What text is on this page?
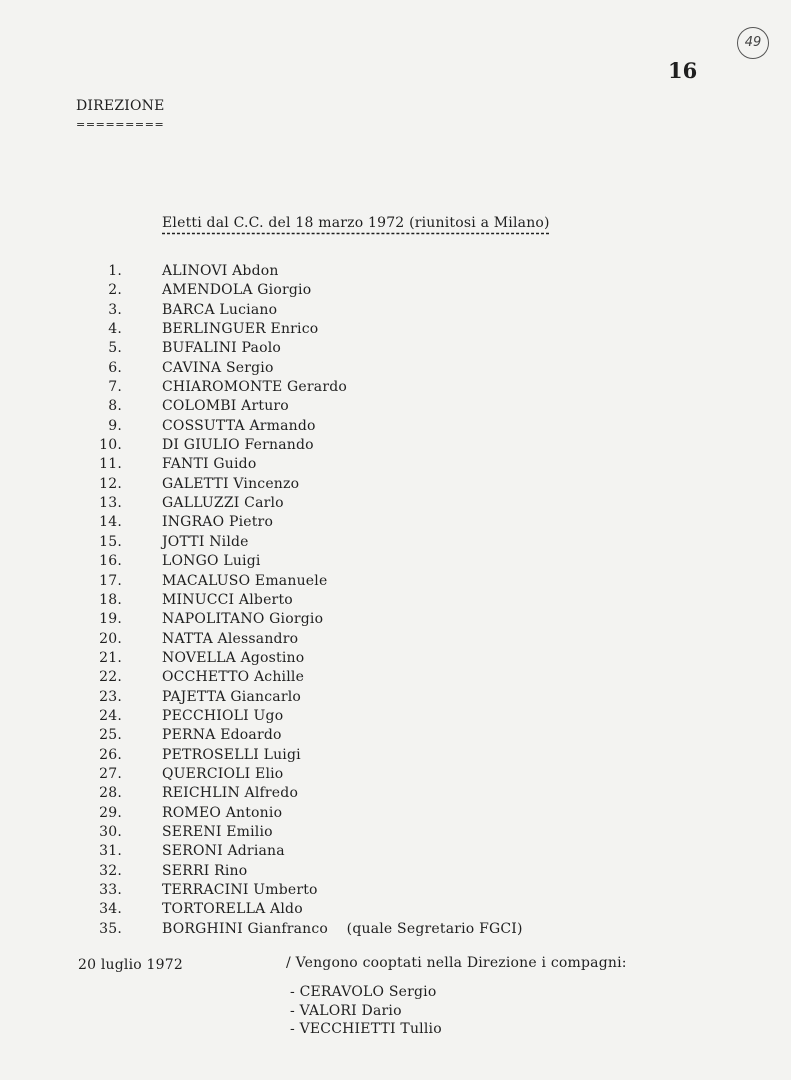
49
16
DIREZIONE
=========
Eletti dal C.C. del 18 marzo 1972 (riunitosi a Milano)
1.	ALINOVI Abdon
2.	AMENDOLA Giorgio
3.	BARCA Luciano
4.	BERLINGUER Enrico
5.	BUFALINI Paolo
6.	CAVINA Sergio
7.	CHIAROMONTE Gerardo
8.	COLOMBI Arturo
9.	COSSUTTA Armando
10.	DI GIULIO Fernando
11.	FANTI Guido
12.	GALETTI Vincenzo
13.	GALLUZZI Carlo
14.	INGRAO Pietro
15.	JOTTI Nilde
16.	LONGO Luigi
17.	MACALUSO Emanuele
18.	MINUCCI Alberto
19.	NAPOLITANO Giorgio
20.	NATTA Alessandro
21.	NOVELLA Agostino
22.	OCCHETTO Achille
23.	PAJETTA Giancarlo
24.	PECCHIOLI Ugo
25.	PERNA Edoardo
26.	PETROSELLI Luigi
27.	QUERCIOLI Elio
28.	REICHLIN Alfredo
29.	ROMEO Antonio
30.	SERENI Emilio
31.	SERONI Adriana
32.	SERRI Rino
33.	TERRACINI Umberto
34.	TORTORELLA Aldo
35.	BORGHINI Gianfranco    (quale Segretario FGCI)
20 luglio 1972	/ Vengono cooptati nella Direzione i compagni:
- CERAVOLO Sergio
- VALORI Dario
- VECCHIETTI Tullio
